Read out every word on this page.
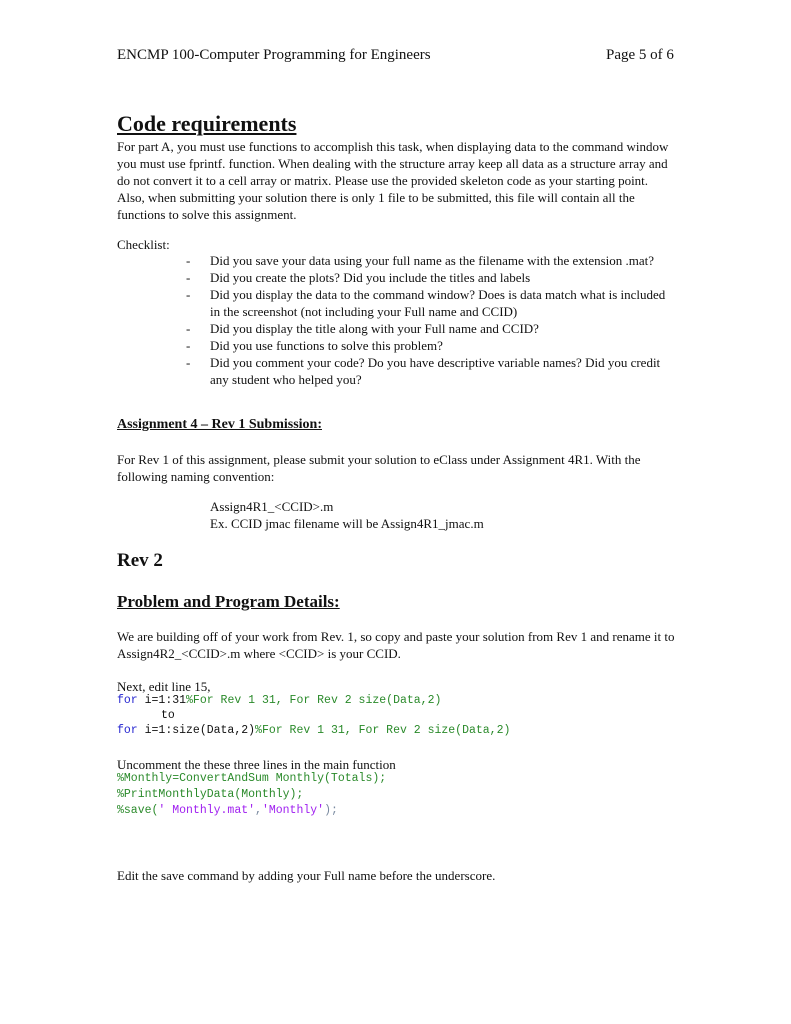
ENCMP 100-Computer Programming for Engineers	Page 5 of 6
Code requirements

For part A, you must use functions to accomplish this task, when displaying data to the command window you must use fprintf. function. When dealing with the structure array keep all data as a structure array and do not convert it to a cell array or matrix. Please use the provided skeleton code as your starting point. Also, when submitting your solution there is only 1 file to be submitted, this file will contain all the functions to solve this assignment.

Checklist:
- Did you save your data using your full name as the filename with the extension .mat?
- Did you create the plots? Did you include the titles and labels
- Did you display the data to the command window? Does is data match what is included in the screenshot (not including your Full name and CCID)
- Did you display the title along with your Full name and CCID?
- Did you use functions to solve this problem?
- Did you comment your code? Do you have descriptive variable names? Did you credit any student who helped you?
Assignment 4 – Rev 1 Submission:

For Rev 1 of this assignment, please submit your solution to eClass under Assignment 4R1. With the following naming convention:

Assign4R1_<CCID>.m
Ex. CCID jmac filename will be Assign4R1_jmac.m
Rev 2
Problem and Program Details:

We are building off of your work from Rev. 1, so copy and paste your solution from Rev 1 and rename it to Assign4R2_<CCID>.m where <CCID> is your CCID.

Next, edit line 15,
for i=1:31%For Rev 1 31, For Rev 2 size(Data,2)
to
for i=1:size(Data,2)%For Rev 1 31, For Rev 2 size(Data,2)
Uncomment the these three lines in the main function
%Monthly=ConvertAndSum Monthly(Totals);
%PrintMonthlyData(Monthly);
%save(' Monthly.mat','Monthly');
Edit the save command by adding your Full name before the underscore.
